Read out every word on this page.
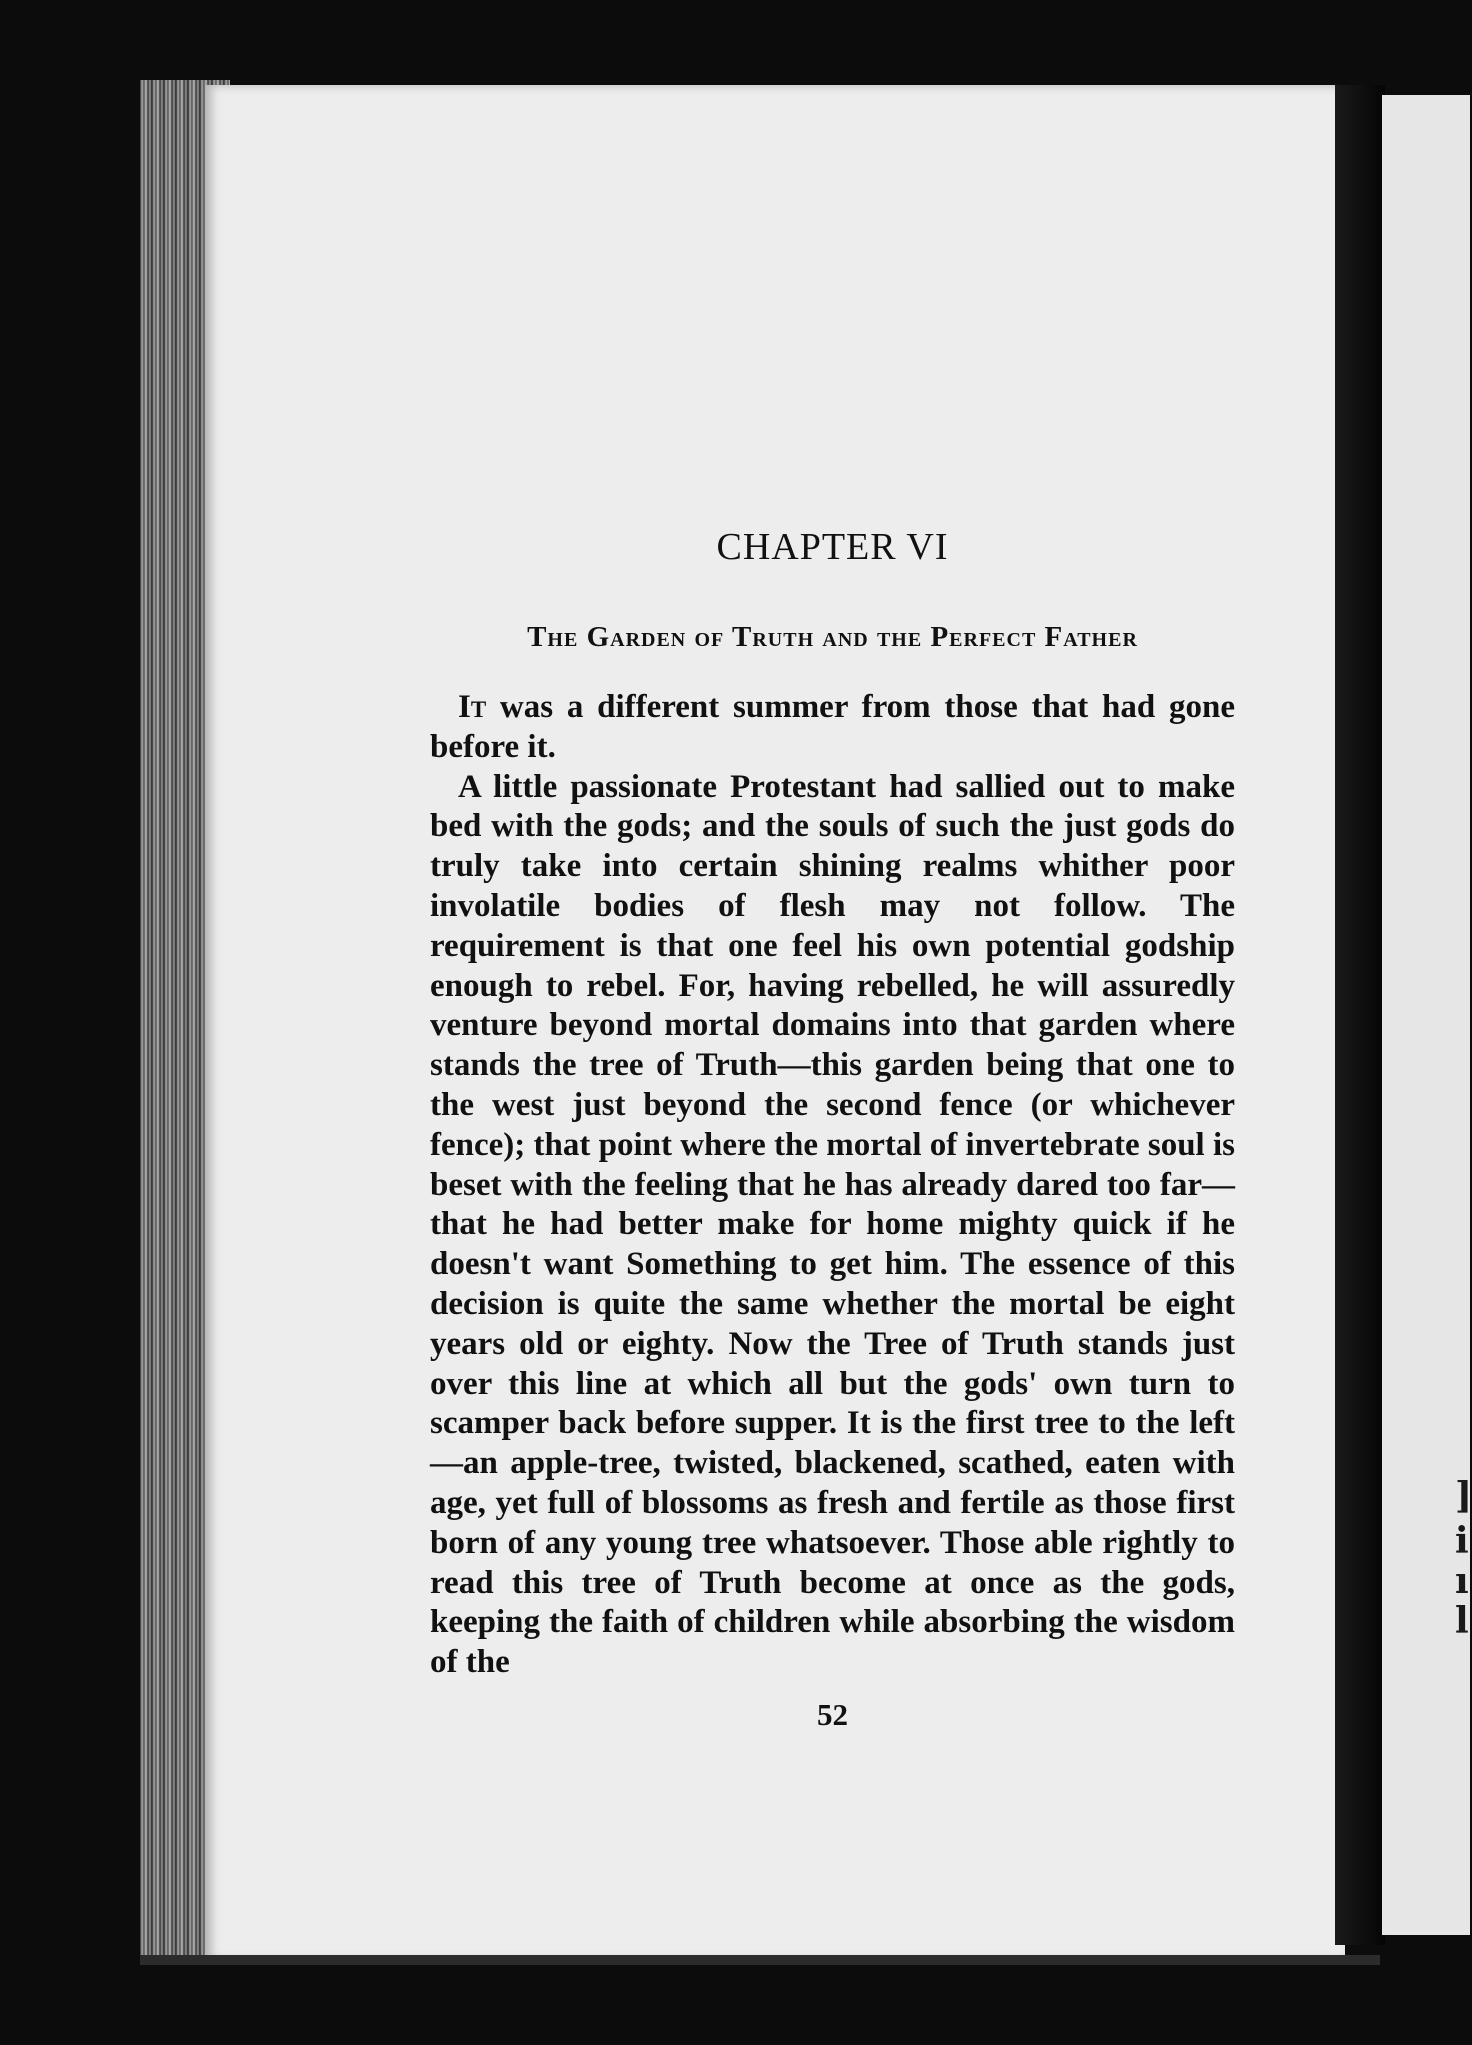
]
i
ı
l
CHAPTER VI
The Garden of Truth and the Perfect Father

It was a different summer from those that had gone before it.

A little passionate Protestant had sallied out to make bed with the gods; and the souls of such the just gods do truly take into certain shining realms whither poor involatile bodies of flesh may not follow. The requirement is that one feel his own potential godship enough to rebel. For, having rebelled, he will assuredly venture beyond mortal domains into that garden where stands the tree of Truth—this garden being that one to the west just beyond the second fence (or whichever fence); that point where the mortal of invertebrate soul is beset with the feeling that he has already dared too far—that he had better make for home mighty quick if he doesn't want Something to get him. The essence of this decision is quite the same whether the mortal be eight years old or eighty. Now the Tree of Truth stands just over this line at which all but the gods' own turn to scamper back before supper. It is the first tree to the left—an apple-tree, twisted, blackened, scathed, eaten with age, yet full of blossoms as fresh and fertile as those first born of any young tree whatsoever. Those able rightly to read this tree of Truth become at once as the gods, keeping the faith of children while absorbing the wisdom of the

52
